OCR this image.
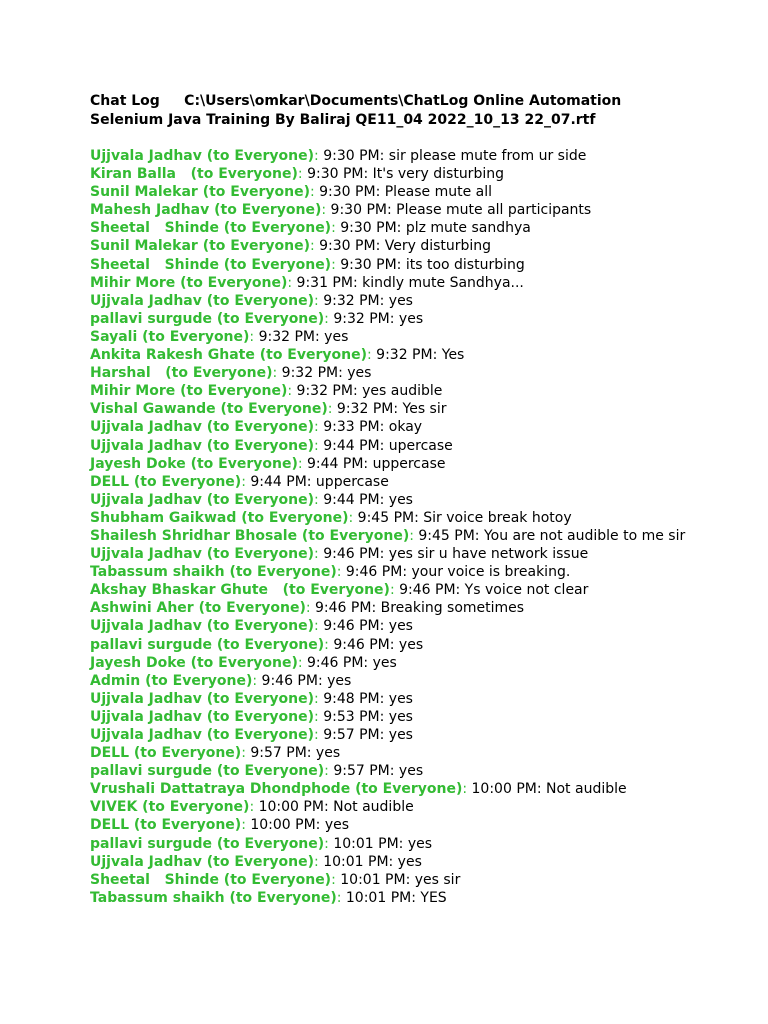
Chat Log     C:\Users\omkar\Documents\ChatLog Online Automation Selenium Java Training By Baliraj QE11_04 2022_10_13 22_07.rtf
Ujjvala Jadhav (to Everyone): 9:30 PM: sir please mute from ur side
Kiran Balla   (to Everyone): 9:30 PM: It's very disturbing
Sunil Malekar (to Everyone): 9:30 PM: Please mute all
Mahesh Jadhav (to Everyone): 9:30 PM: Please mute all participants
Sheetal   Shinde (to Everyone): 9:30 PM: plz mute sandhya
Sunil Malekar (to Everyone): 9:30 PM: Very disturbing
Sheetal   Shinde (to Everyone): 9:30 PM: its too disturbing
Mihir More (to Everyone): 9:31 PM: kindly mute Sandhya...
Ujjvala Jadhav (to Everyone): 9:32 PM: yes
pallavi surgude (to Everyone): 9:32 PM: yes
Sayali (to Everyone): 9:32 PM: yes
Ankita Rakesh Ghate (to Everyone): 9:32 PM: Yes
Harshal   (to Everyone): 9:32 PM: yes
Mihir More (to Everyone): 9:32 PM: yes audible
Vishal Gawande (to Everyone): 9:32 PM: Yes sir
Ujjvala Jadhav (to Everyone): 9:33 PM: okay
Ujjvala Jadhav (to Everyone): 9:44 PM: upercase
Jayesh Doke (to Everyone): 9:44 PM: uppercase
DELL (to Everyone): 9:44 PM: uppercase
Ujjvala Jadhav (to Everyone): 9:44 PM: yes
Shubham Gaikwad (to Everyone): 9:45 PM: Sir voice break hotoy
Shailesh Shridhar Bhosale (to Everyone): 9:45 PM: You are not audible to me sir
Ujjvala Jadhav (to Everyone): 9:46 PM: yes sir u have network issue
Tabassum shaikh (to Everyone): 9:46 PM: your voice is breaking.
Akshay Bhaskar Ghute   (to Everyone): 9:46 PM: Ys voice not clear
Ashwini Aher (to Everyone): 9:46 PM: Breaking sometimes
Ujjvala Jadhav (to Everyone): 9:46 PM: yes
pallavi surgude (to Everyone): 9:46 PM: yes
Jayesh Doke (to Everyone): 9:46 PM: yes
Admin (to Everyone): 9:46 PM: yes
Ujjvala Jadhav (to Everyone): 9:48 PM: yes
Ujjvala Jadhav (to Everyone): 9:53 PM: yes
Ujjvala Jadhav (to Everyone): 9:57 PM: yes
DELL (to Everyone): 9:57 PM: yes
pallavi surgude (to Everyone): 9:57 PM: yes
Vrushali Dattatraya Dhondphode (to Everyone): 10:00 PM: Not audible
VIVEK (to Everyone): 10:00 PM: Not audible
DELL (to Everyone): 10:00 PM: yes
pallavi surgude (to Everyone): 10:01 PM: yes
Ujjvala Jadhav (to Everyone): 10:01 PM: yes
Sheetal   Shinde (to Everyone): 10:01 PM: yes sir
Tabassum shaikh (to Everyone): 10:01 PM: YES
